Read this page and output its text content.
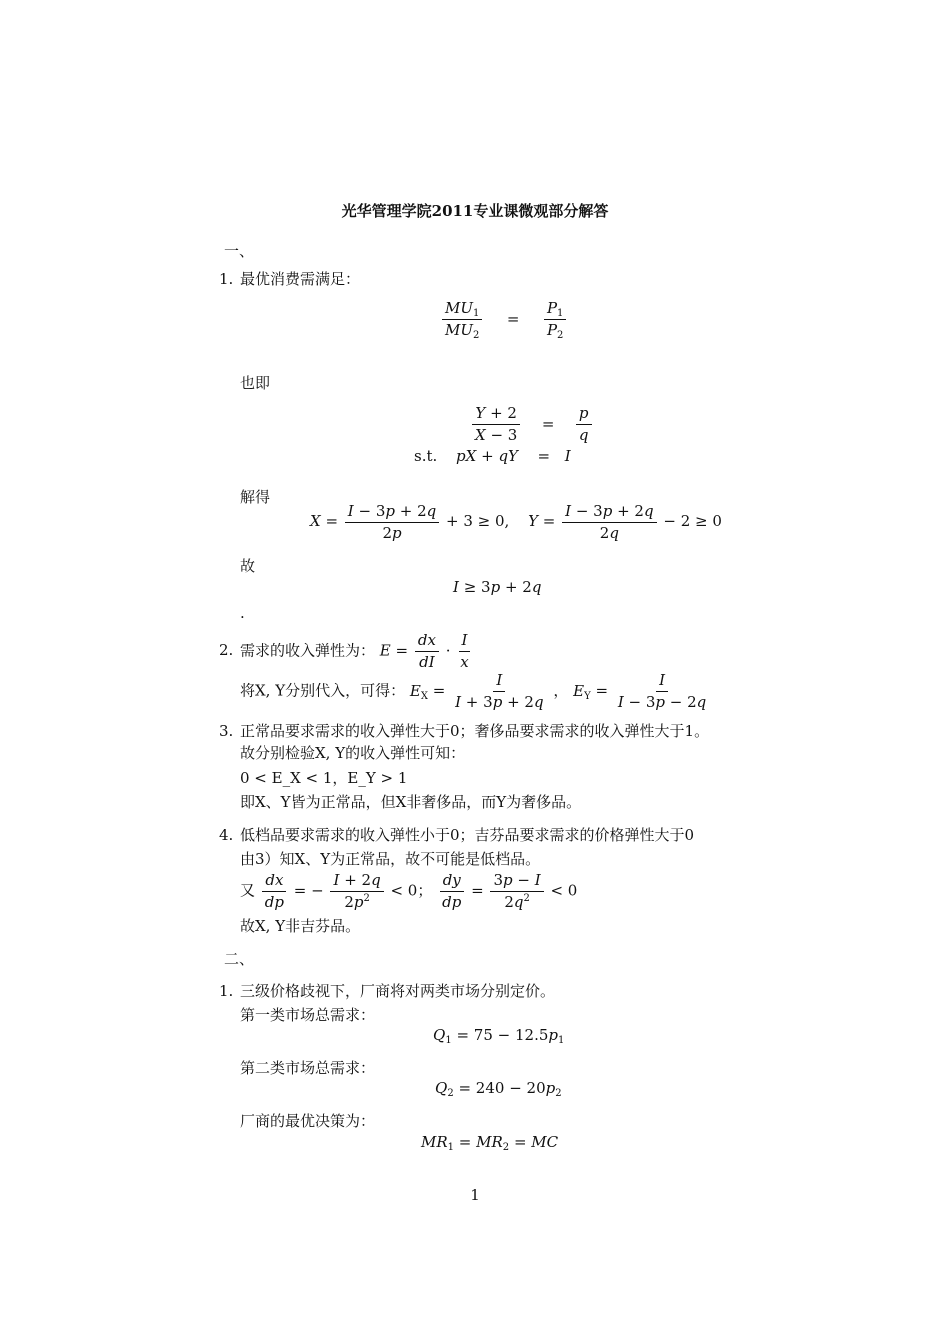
光华管理学院2011专业课微观部分解答
一、
1. 最优消费需满足：
$\frac{MU_1}{MU_2} = \frac{P_1}{P_2}$
也即
$\frac{Y + 2}{X - 3} = \frac{p}{q}$
s.t. pX + qY = I
解得
$X = \frac{I - 3p + 2q}{2p} + 3 \ge 0$, $Y = \frac{I - 3p + 2q}{2q} - 2 \ge 0$
故
I ≥ 3p + 2q
.
2. 需求的收入弹性为： $E = \frac{dx}{dI} \cdot \frac{I}{x}$
将X, Y分别代入，可得： $E_X = \frac{I}{I + 3p + 2q}$ ， $E_Y = \frac{I}{I - 3p - 2q}$
3. 正常品要求需求的收入弹性大于0；奢侈品要求需求的收入弹性大于1。
故分别检验X, Y的收入弹性可知：
0 < E_X < 1，E_Y > 1
即X、Y皆为正常品，但X非奢侈品，而Y为奢侈品。
4. 低档品要求需求的收入弹性小于0；吉芬品要求需求的价格弹性大于0
由3）知X、Y为正常品，故不可能是低档品。
又 $\frac{dx}{dp}$ = − $\frac{I + 2q}{2p^2} < 0$； $\frac{dy}{dp} = \frac{3p - I}{2q^2} < 0$
故X, Y非吉芬品。
二、
1. 三级价格歧视下，厂商将对两类市场分别定价。
第一类市场总需求：
$Q_1 = 75 - 12.5p_1$
第二类市场总需求：
$Q_2 = 240 - 20p_2$
厂商的最优决策为：
$MR_1 = MR_2$ = MC
1
